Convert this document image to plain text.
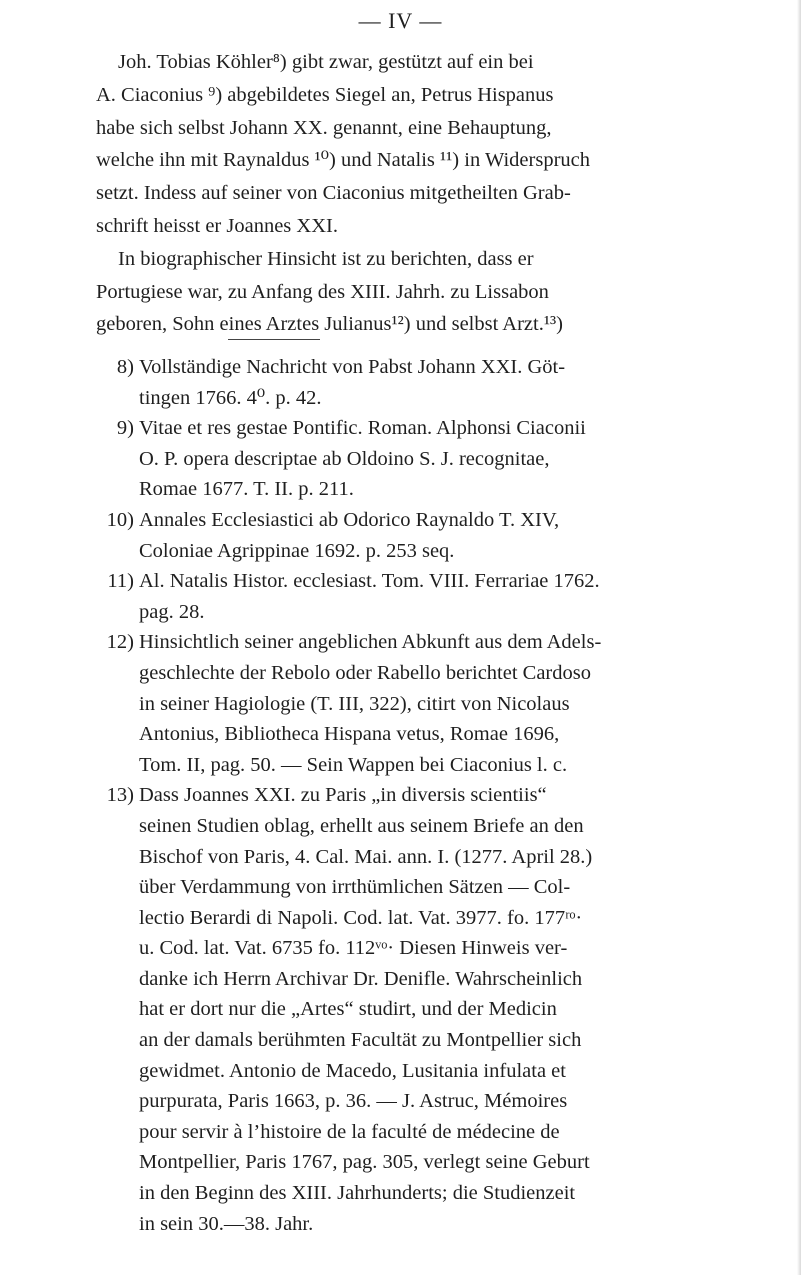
— IV —

Joh. Tobias Köhler⁸) gibt zwar, gestützt auf ein bei
A. Ciaconius ⁹) abgebildetes Siegel an, Petrus Hispanus
habe sich selbst Johann XX. genannt, eine Behauptung,
welche ihn mit Raynaldus ¹⁰) und Natalis ¹¹) in Widerspruch
setzt. Indess auf seiner von Ciaconius mitgetheilten Grab-
schrift heisst er Joannes XXI.

In biographischer Hinsicht ist zu berichten, dass er
Portugiese war, zu Anfang des XIII. Jahrh. zu Lissabon
geboren, Sohn eines Arztes Julianus¹²) und selbst Arzt.¹³)

8) Vollständige Nachricht von Pabst Johann XXI. Göt-
tingen 1766. 4⁰. p. 42.
9) Vitae et res gestae Pontific. Roman. Alphonsi Ciaconii
O. P. opera descriptae ab Oldoino S. J. recognitae,
Romae 1677. T. II. p. 211.
10) Annales Ecclesiastici ab Odorico Raynaldo T. XIV,
Coloniae Agrippinae 1692. p. 253 seq.
11) Al. Natalis Histor. ecclesiast. Tom. VIII. Ferrariae 1762.
pag. 28.
12) Hinsichtlich seiner angeblichen Abkunft aus dem Adels-
geschlechte der Rebolo oder Rabello berichtet Cardoso
in seiner Hagiologie (T. III, 322), citirt von Nicolaus
Antonius, Bibliotheca Hispana vetus, Romae 1696,
Tom. II, pag. 50. — Sein Wappen bei Ciaconius l. c.
13) Dass Joannes XXI. zu Paris „in diversis scientiis“
seinen Studien oblag, erhellt aus seinem Briefe an den
Bischof von Paris, 4. Cal. Mai. ann. I. (1277. April 28.)
über Verdammung von irrthümlichen Sätzen — Col-
lectio Berardi di Napoli. Cod. lat. Vat. 3977. fo. 177ʳᵒ·
u. Cod. lat. Vat. 6735 fo. 112ᵛᵒ· Diesen Hinweis ver-
danke ich Herrn Archivar Dr. Denifle. Wahrscheinlich
hat er dort nur die „Artes“ studirt, und der Medicin
an der damals berühmten Facultät zu Montpellier sich
gewidmet. Antonio de Macedo, Lusitania infulata et
purpurata, Paris 1663, p. 36. — J. Astruc, Mémoires
pour servir à l’histoire de la faculté de médecine de
Montpellier, Paris 1767, pag. 305, verlegt seine Geburt
in den Beginn des XIII. Jahrhunderts; die Studienzeit
in sein 30.—38. Jahr.
